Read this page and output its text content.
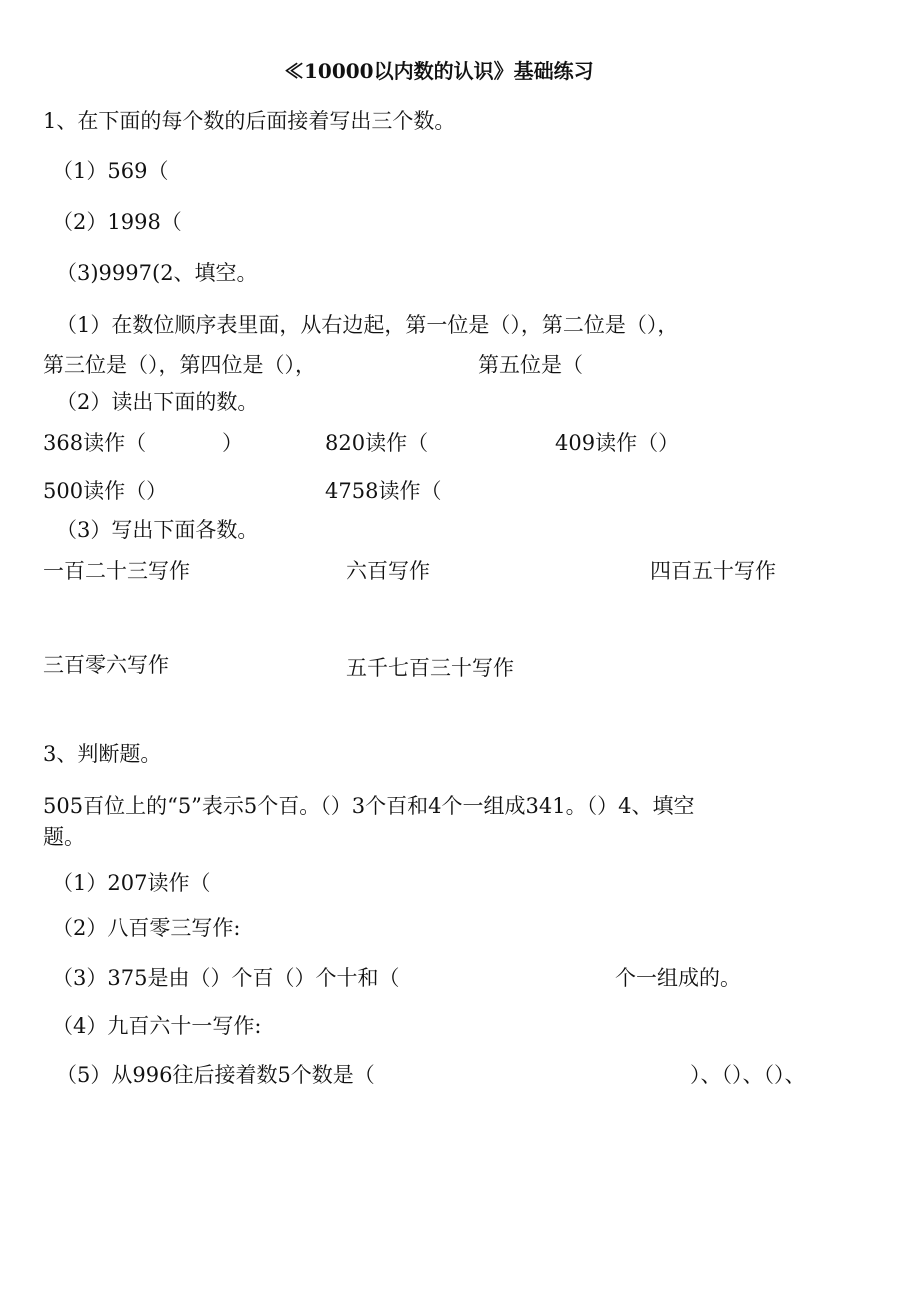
≪10000以内数的认识》基础练习
1、在下面的每个数的后面接着写出三个数。
（1）569（
（2）1998（
（3)9997(2、填空。
（1）在数位顺序表里面，从右边起，第一位是（），第二位是（），
第三位是（），第四位是（），	第五位是（
（2）读出下面的数。
368读作（	）	820读作（	409读作（）
500读作（）	4758读作（
（3）写出下面各数。
一百二十三写作	六百写作	四百五十写作
三百零六写作	五千七百三十写作
3、判断题。
505百位上的“5”表示5个百。（）3个百和4个一组成341。（）4、填空
题。
（1）207读作（
（2）八百零三写作:
（3）375是由（）个百（）个十和（	个一组成的。
（4）九百六十一写作:
（5）从996往后接着数5个数是（	）、（）、（）、
